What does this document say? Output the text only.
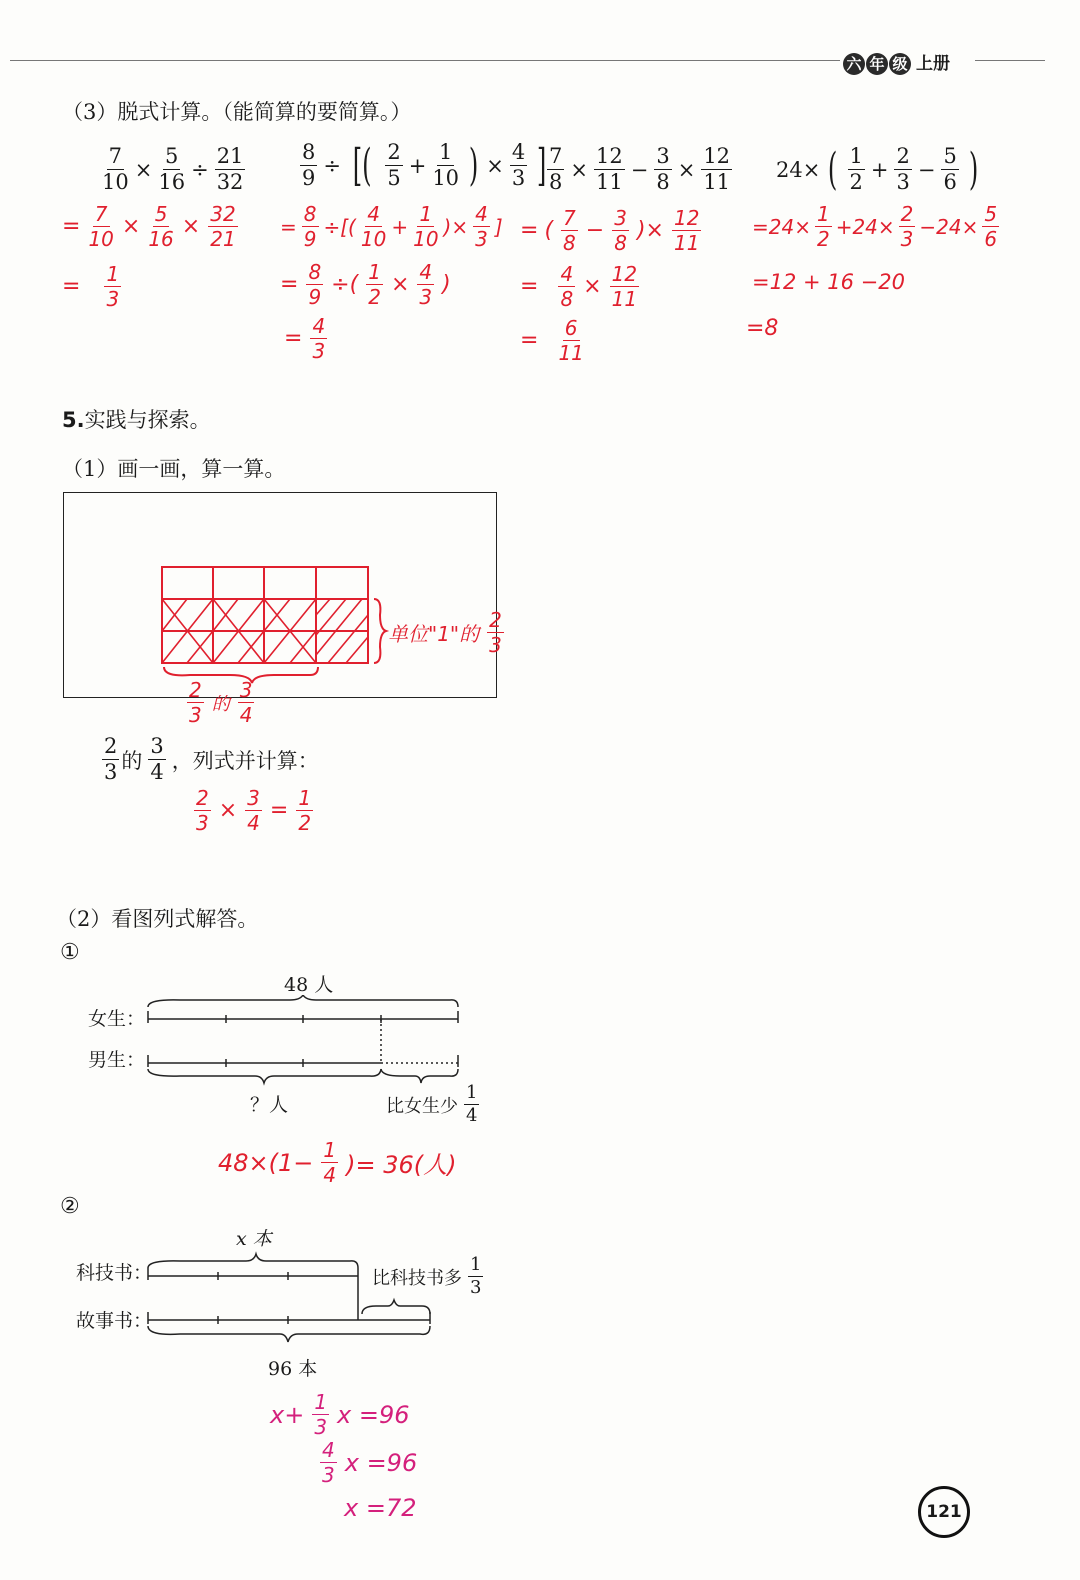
六 年 级 上册
（3）脱式计算。（能简算的要简算。）
$\frac{7}{10} \times \frac{5}{16} \div \frac{21}{32}$
= $\frac{7}{10} \times \frac{5}{16} \times \frac{32}{21}$
= $\frac{1}{3}$
$\frac{8}{9}$ ÷ [( $\frac{2}{5} + \frac{1}{10}$ ) × $\frac{4}{3}$ ]
= $\frac{8}{9}$ ÷[( $\frac{4}{10} + \frac{1}{10}$ )× $\frac{4}{3}$ ]
= $\frac{8}{9}$ ÷( $\frac{1}{2} \times \frac{4}{3}$ )
= $\frac{4}{3}$
$\frac{7}{8} \times \frac{12}{11} - \frac{3}{8} \times \frac{12}{11}$
= ( $\frac{7}{8} - \frac{3}{8}$ )× $\frac{12}{11}$
= $\frac{4}{8} \times \frac{12}{11}$
= $\frac{6}{11}$
24× ( $\frac{1}{2} + \frac{2}{3} - \frac{5}{6}$ )
$=24\times \frac{1}{2} +24\times \frac{2}{3} -24\times \frac{5}{6}$
=12 + 16 −20
=8
5.实践与探索。
（1）画一画，算一算。
单位"1"的 $\frac{2}{3}$
$\frac{2}{3}$ 的 $\frac{3}{4}$
$\frac{2}{3}$ 的 $\frac{3}{4}$ ，列式并计算：
$\frac{2}{3} \times \frac{3}{4} = \frac{1}{2}$
（2）看图列式解答。
①
48 人
女生：
男生：
？人	比女生少 $\frac{1}{4}$
$48\times(1- \frac{1}{4}$ )= 36(人)
②
x 本
科技书：
故事书：
比科技书多 $\frac{1}{3}$
96 本
$x+ \frac{1}{3}$ x =96
$\frac{4}{3}$ x =96
x =72	121
